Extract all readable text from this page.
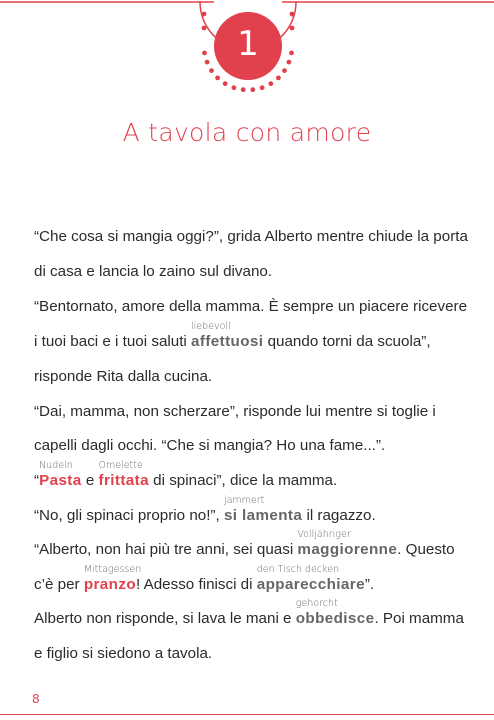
1
A tavola con amore
“Che cosa si mangia oggi?”, grida Alberto mentre chiude la porta
di casa e lancia lo zaino sul divano.
“Bentornato, amore della mamma. È sempre un piacere ricevere
i tuoi baci e i tuoi saluti
liebevoll
affettuosi quando torni da scuola”,
risponde Rita dalla cucina.
“Dai, mamma, non scherzare”, risponde lui mentre si toglie i
capelli dagli occhi. “Che si mangia? Ho una fame...”.
“
Nudeln
Pasta e
Omelette
frittata di spinaci”, dice la mamma.
“No, gli spinaci proprio no!”,
jammert
si lamenta il ragazzo.
“Alberto, non hai più tre anni, sei quasi
Volljähriger
maggiorenne. Questo
c’è per
Mittagessen
pranzo! Adesso finisci di
den Tisch decken
apparecchiare”.
Alberto non risponde, si lava le mani e
gehorcht
obbedisce. Poi mamma
e figlio si siedono a tavola.
8
